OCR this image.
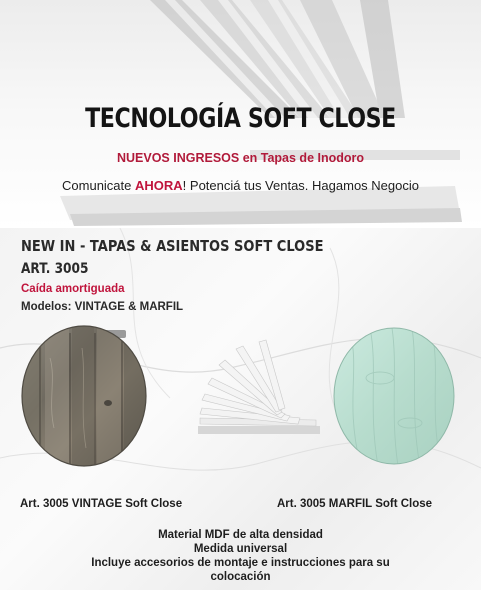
TECNOLOGÍA SOFT CLOSE
NUEVOS INGRESOS en Tapas de Inodoro
Comunicate AHORA! Potenciá tus Ventas. Hagamos Negocio
NEW IN - TAPAS & ASIENTOS SOFT CLOSE
ART. 3005
Caída amortiguada
Modelos: VINTAGE & MARFIL
Art. 3005 VINTAGE Soft Close	Art. 3005 MARFIL Soft Close
Material MDF de alta densidad
Medida universal
Incluye accesorios de montaje e instrucciones para su
colocación
